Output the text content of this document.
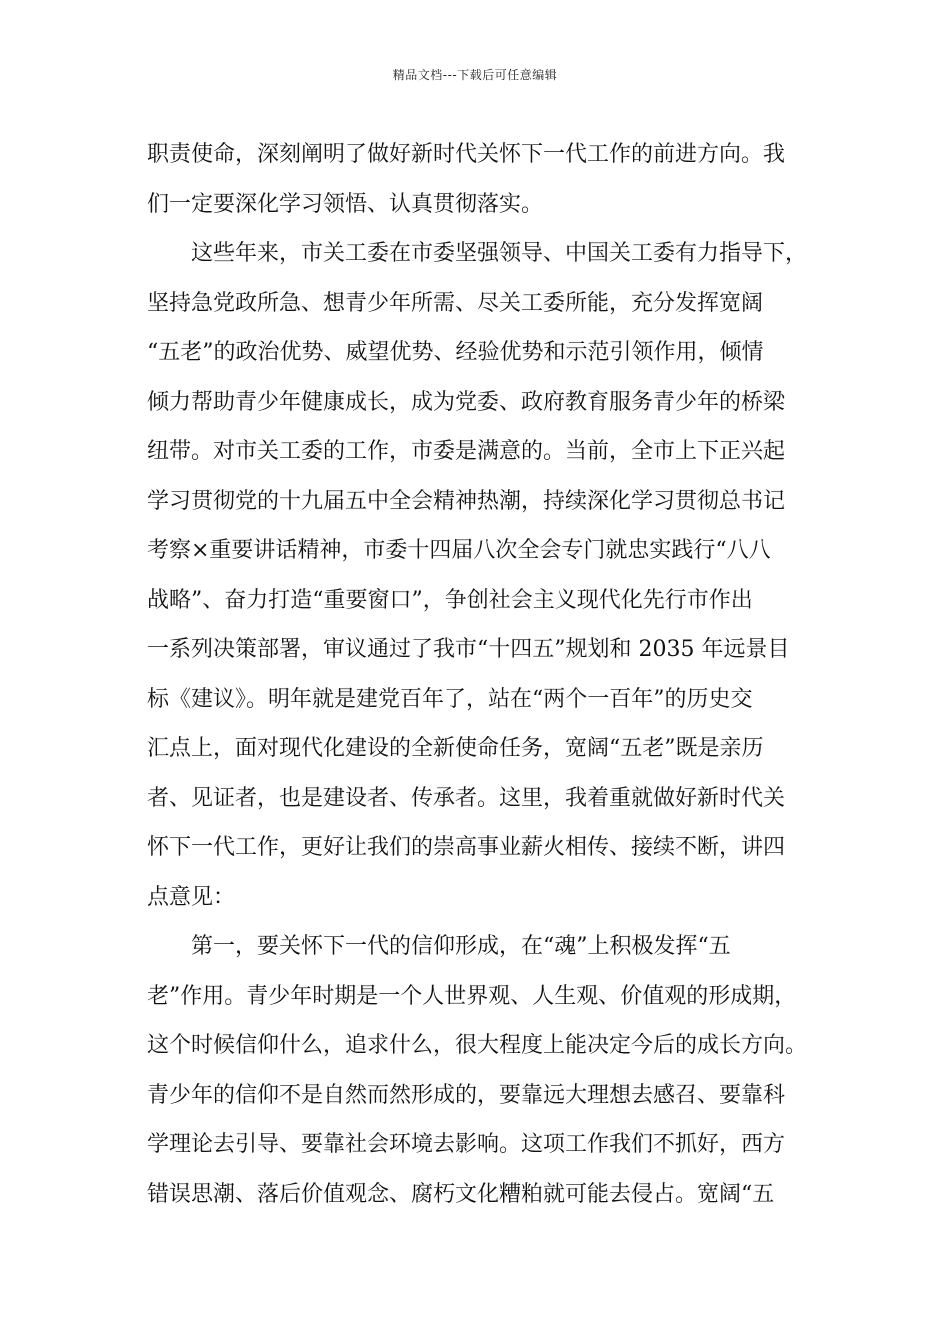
精品文档---下载后可任意编辑
职责使命，深刻阐明了做好新时代关怀下一代工作的前进方向。我
们一定要深化学习领悟、认真贯彻落实。
这些年来，市关工委在市委坚强领导、中国关工委有力指导下，
坚持急党政所急、想青少年所需、尽关工委所能，充分发挥宽阔
“五老”的政治优势、威望优势、经验优势和示范引领作用，倾情
倾力帮助青少年健康成长，成为党委、政府教育服务青少年的桥梁
纽带。对市关工委的工作，市委是满意的。当前，全市上下正兴起
学习贯彻党的十九届五中全会精神热潮，持续深化学习贯彻总书记
考察×重要讲话精神，市委十四届八次全会专门就忠实践行“八八
战略”、奋力打造“重要窗口”，争创社会主义现代化先行市作出
一系列决策部署，审议通过了我市“十四五”规划和 2035 年远景目
标《建议》。明年就是建党百年了，站在“两个一百年”的历史交
汇点上，面对现代化建设的全新使命任务，宽阔“五老”既是亲历
者、见证者，也是建设者、传承者。这里，我着重就做好新时代关
怀下一代工作，更好让我们的崇高事业薪火相传、接续不断，讲四
点意见：
第一，要关怀下一代的信仰形成，在“魂”上积极发挥“五
老”作用。青少年时期是一个人世界观、人生观、价值观的形成期，
这个时候信仰什么，追求什么，很大程度上能决定今后的成长方向。
青少年的信仰不是自然而然形成的，要靠远大理想去感召、要靠科
学理论去引导、要靠社会环境去影响。这项工作我们不抓好，西方
错误思潮、落后价值观念、腐朽文化糟粕就可能去侵占。宽阔“五
